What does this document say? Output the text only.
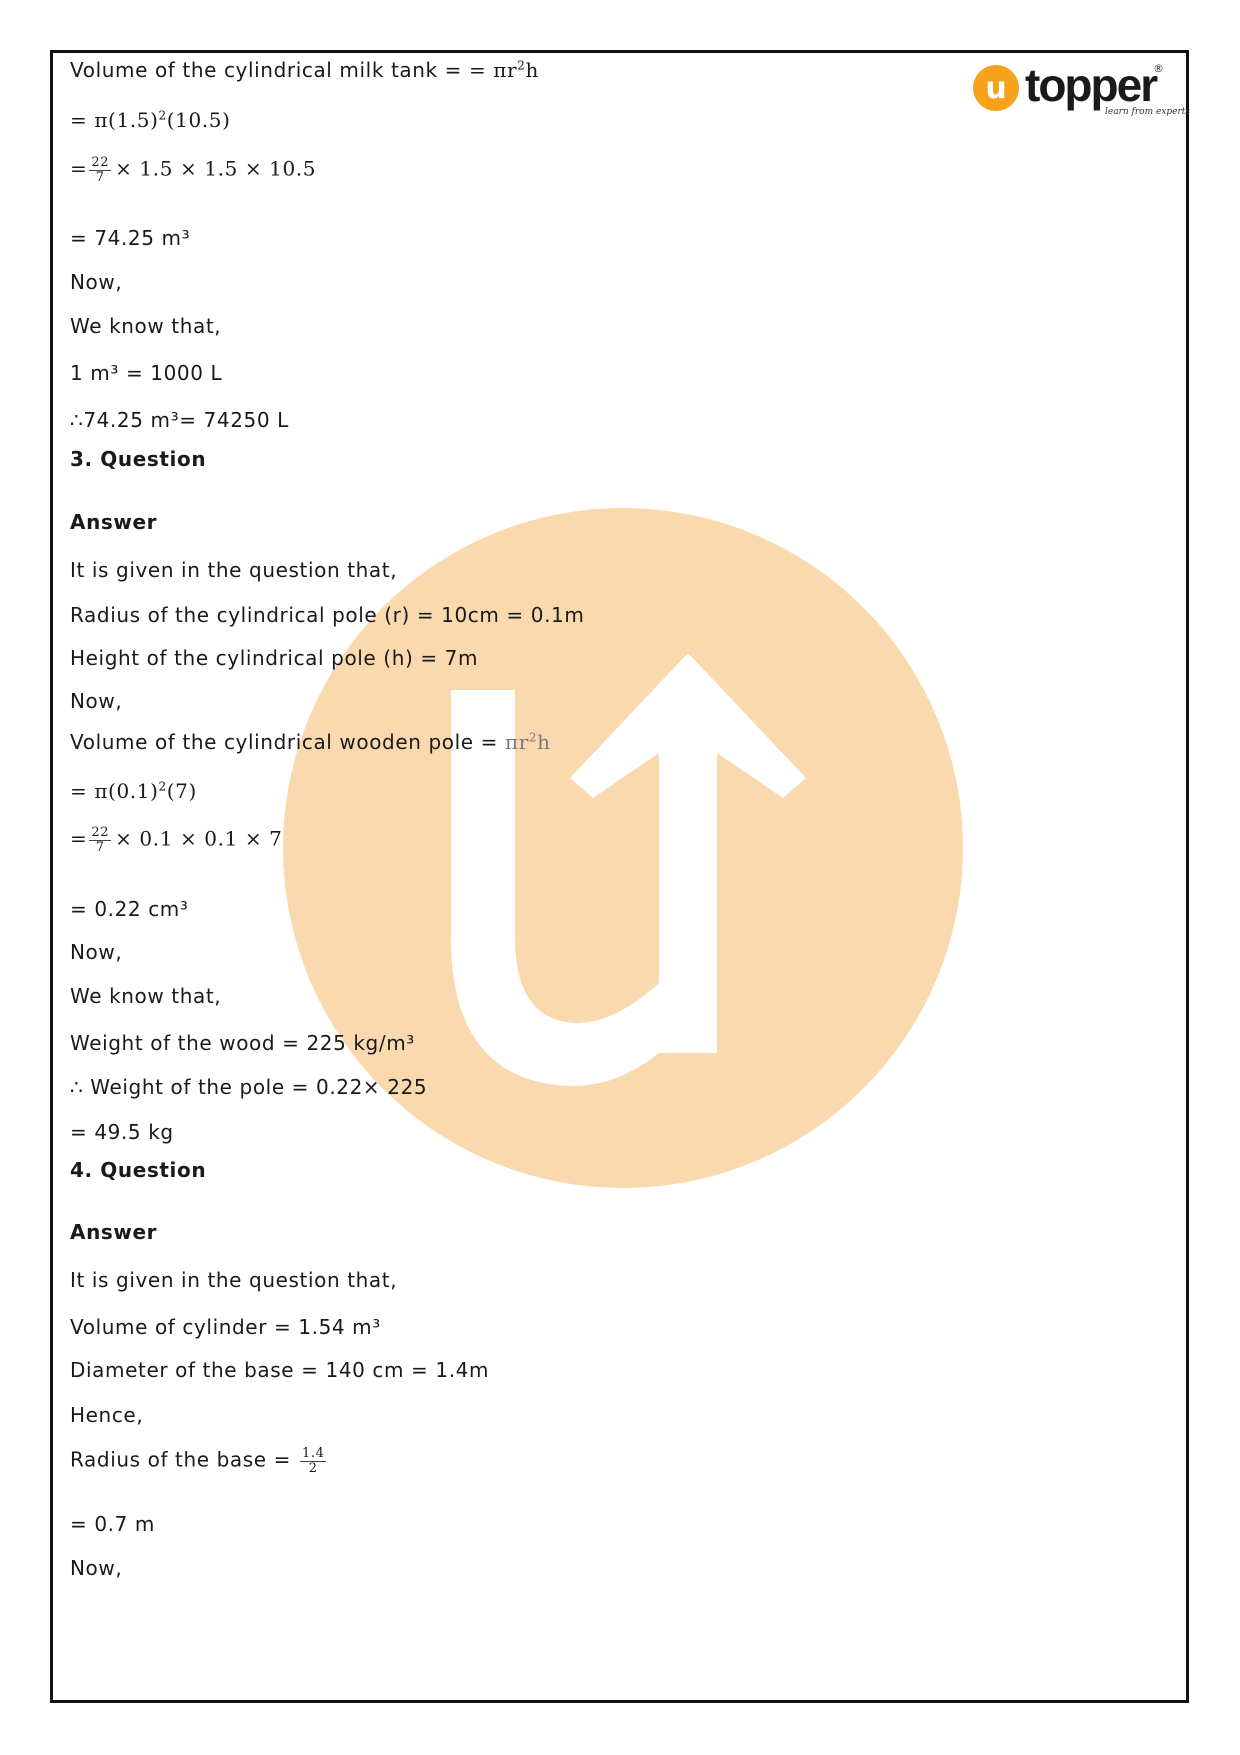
u topper
®
learn from experts
Volume of the cylindrical milk tank = = $\pi r^2h$
= $\pi(1.5)^2(10.5)$
= $\frac{22}{7} \times 1.5 \times 1.5 \times 10.5$
= 74.25 m³
Now,
We know that,
1 m³ = 1000 L
∴74.25 m³= 74250 L
3. Question
Answer
It is given in the question that,
Radius of the cylindrical pole (r) = 10cm = 0.1m
Height of the cylindrical pole (h) = 7m
Now,
Volume of the cylindrical wooden pole = $\pi r^2h$
= $\pi(0.1)^2(7)$
= $\frac{22}{7} \times 0.1 \times 0.1 \times 7$
= 0.22 cm³
Now,
We know that,
Weight of the wood = 225 kg/m³
∴ Weight of the pole = 0.22× 225
= 49.5 kg
4. Question
Answer
It is given in the question that,
Volume of cylinder = 1.54 m³
Diameter of the base = 140 cm = 1.4m
Hence,
Radius of the base = $\frac{1.4}{2}$
= 0.7 m
Now,
